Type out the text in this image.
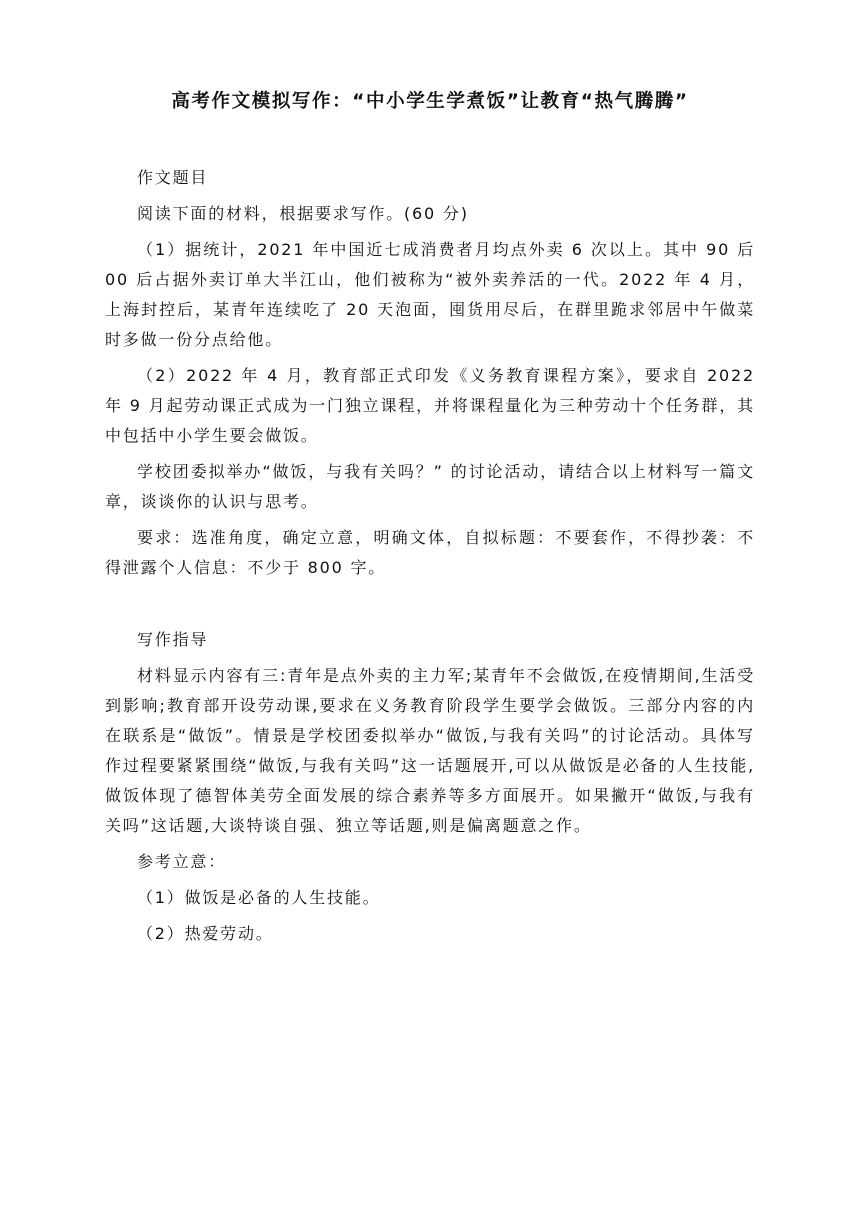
高考作文模拟写作：“中小学生学煮饭”让教育“热气腾腾”

作文题目

阅读下面的材料，根据要求写作。(60 分)

（1）据统计，2021 年中国近七成消费者月均点外卖 6 次以上。其中 90 后 00 后占据外卖订单大半江山，他们被称为“被外卖养活的一代。2022 年 4 月，上海封控后，某青年连续吃了 20 天泡面，囤货用尽后，在群里跪求邻居中午做菜时多做一份分点给他。

（2）2022 年 4 月，教育部正式印发《义务教育课程方案》，要求自 2022 年 9 月起劳动课正式成为一门独立课程，并将课程量化为三种劳动十个任务群，其中包括中小学生要会做饭。

学校团委拟举办“做饭，与我有关吗？” 的讨论活动，请结合以上材料写一篇文章，谈谈你的认识与思考。

要求：选准角度，确定立意，明确文体，自拟标题：不要套作，不得抄袭：不得泄露个人信息：不少于 800 字。

写作指导

材料显示内容有三:青年是点外卖的主力军;某青年不会做饭,在疫情期间,生活受到影响;教育部开设劳动课,要求在义务教育阶段学生要学会做饭。三部分内容的内在联系是“做饭”。情景是学校团委拟举办“做饭,与我有关吗”的讨论活动。具体写作过程要紧紧围绕“做饭,与我有关吗”这一话题展开,可以从做饭是必备的人生技能,做饭体现了德智体美劳全面发展的综合素养等多方面展开。如果撇开“做饭,与我有关吗”这话题,大谈特谈自强、独立等话题,则是偏离题意之作。

参考立意：

（1）做饭是必备的人生技能。

（2）热爱劳动。
